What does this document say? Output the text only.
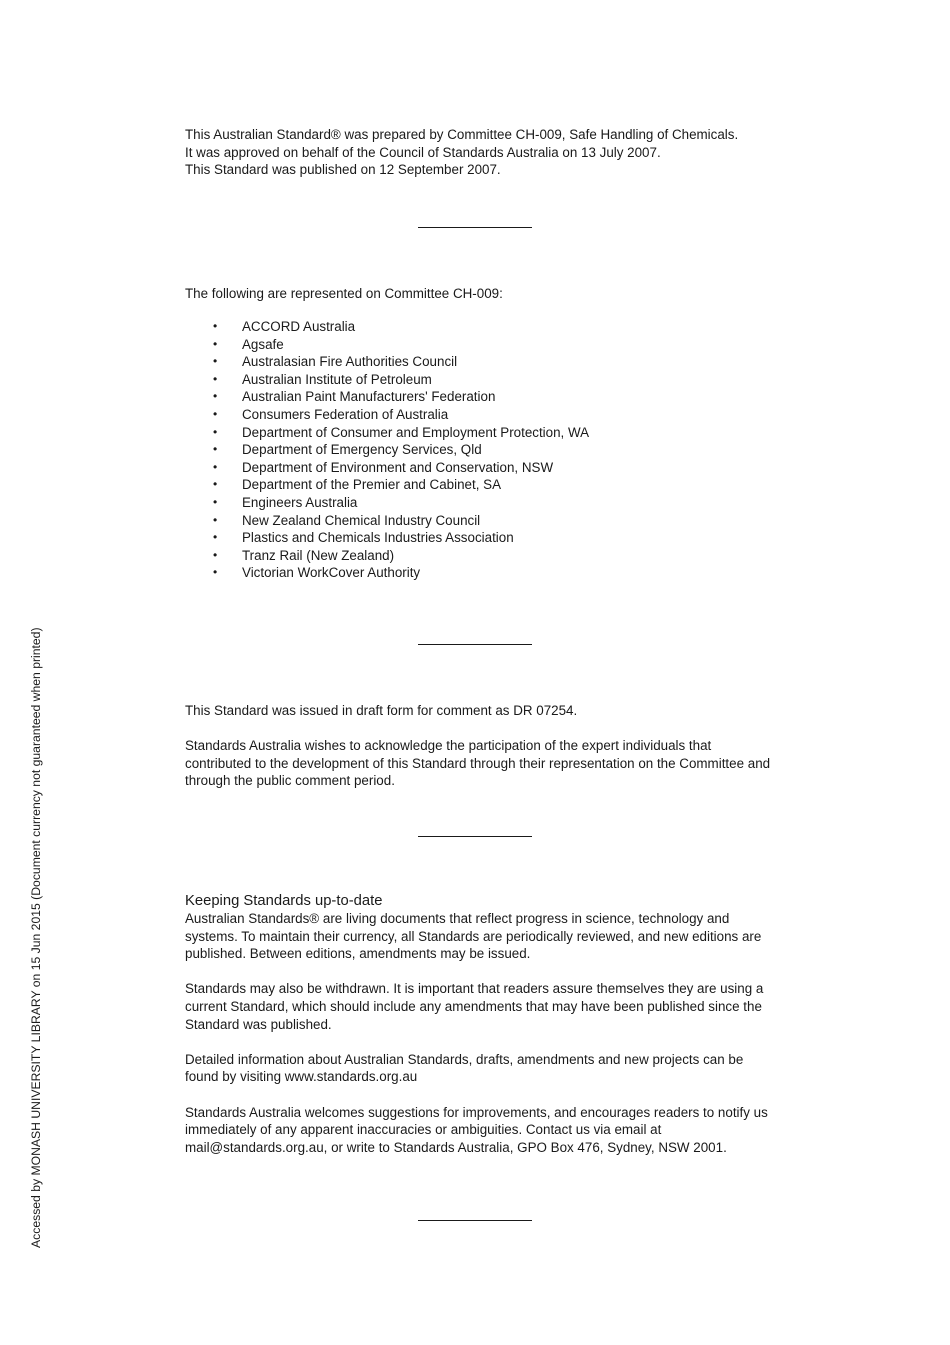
This Australian Standard® was prepared by Committee CH-009, Safe Handling of Chemicals.

It was approved on behalf of the Council of Standards Australia on 13 July 2007.

This Standard was published on 12 September 2007.

The following are represented on Committee CH-009:

• ACCORD Australia
• Agsafe
• Australasian Fire Authorities Council
• Australian Institute of Petroleum
• Australian Paint Manufacturers' Federation
• Consumers Federation of Australia
• Department of Consumer and Employment Protection, WA
• Department of Emergency Services, Qld
• Department of Environment and Conservation, NSW
• Department of the Premier and Cabinet, SA
• Engineers Australia
• New Zealand Chemical Industry Council
• Plastics and Chemicals Industries Association
• Tranz Rail (New Zealand)
• Victorian WorkCover Authority

This Standard was issued in draft form for comment as DR 07254.

Standards Australia wishes to acknowledge the participation of the expert individuals that contributed to the development of this Standard through their representation on the Committee and through the public comment period.

Keeping Standards up-to-date

Australian Standards® are living documents that reflect progress in science, technology and systems. To maintain their currency, all Standards are periodically reviewed, and new editions are published. Between editions, amendments may be issued.

Standards may also be withdrawn. It is important that readers assure themselves they are using a current Standard, which should include any amendments that may have been published since the Standard was published.

Detailed information about Australian Standards, drafts, amendments and new projects can be found by visiting www.standards.org.au

Standards Australia welcomes suggestions for improvements, and encourages readers to notify us immediately of any apparent inaccuracies or ambiguities. Contact us via email at mail@standards.org.au, or write to Standards Australia, GPO Box 476, Sydney, NSW 2001.

Accessed by MONASH UNIVERSITY LIBRARY on 15 Jun 2015 (Document currency not guaranteed when printed)
